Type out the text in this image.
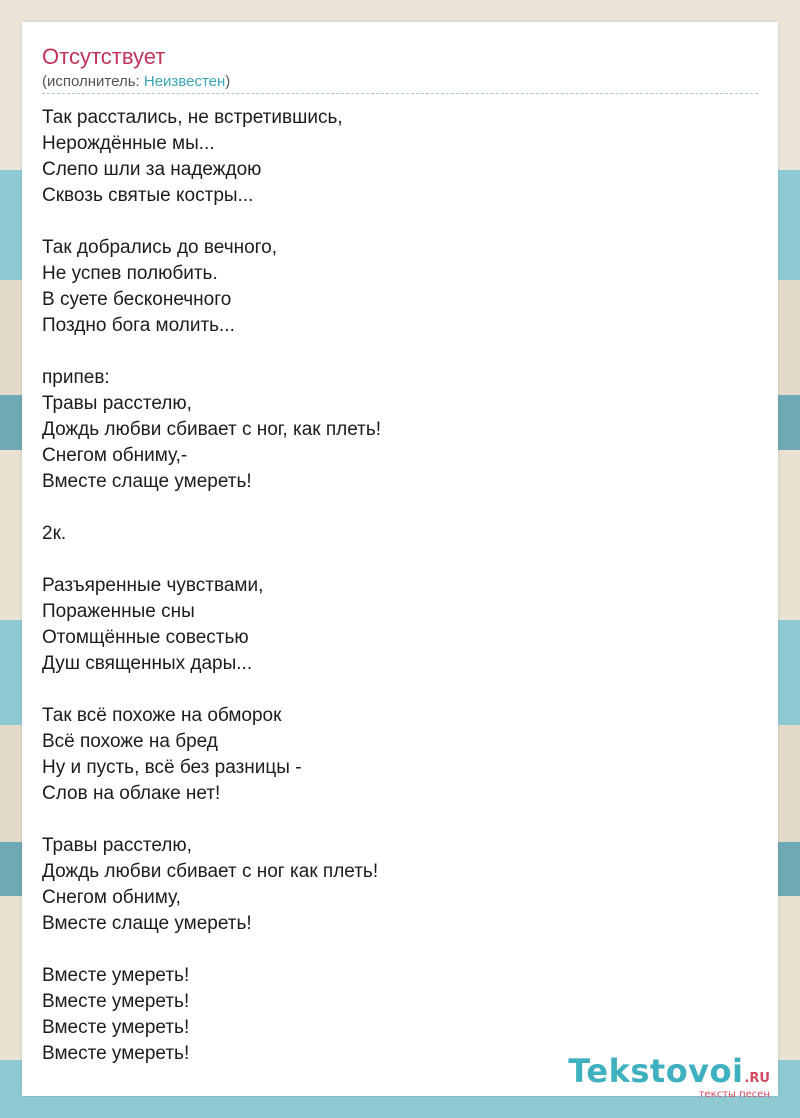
Отсутствует
(исполнитель: Неизвестен)
Так расстались, не встретившись,
Нерождённые мы...
Слепо шли за надеждою
Сквозь святые костры...

Так добрались до вечного,
Не успев полюбить.
В суете бесконечного
Поздно бога молить...

припев:
Травы расстелю,
Дождь любви сбивает с ног, как плеть!
Снегом обниму,-
Вместе слаще умереть!

2к.

Разъяренные чувствами,
Пораженные сны
Отомщённые совестью
Душ священных дары...

Так всё похоже на обморок
Всё похоже на бред
Ну и пусть, всё без разницы -
Слов на облаке нет!

Травы расстелю,
Дождь любви сбивает с ног как плеть!
Снегом обниму,
Вместе слаще умереть!

Вместе умереть!
Вместе умереть!
Вместе умереть!
Вместе умереть!	Tekstovoi.RU
тексты песен
